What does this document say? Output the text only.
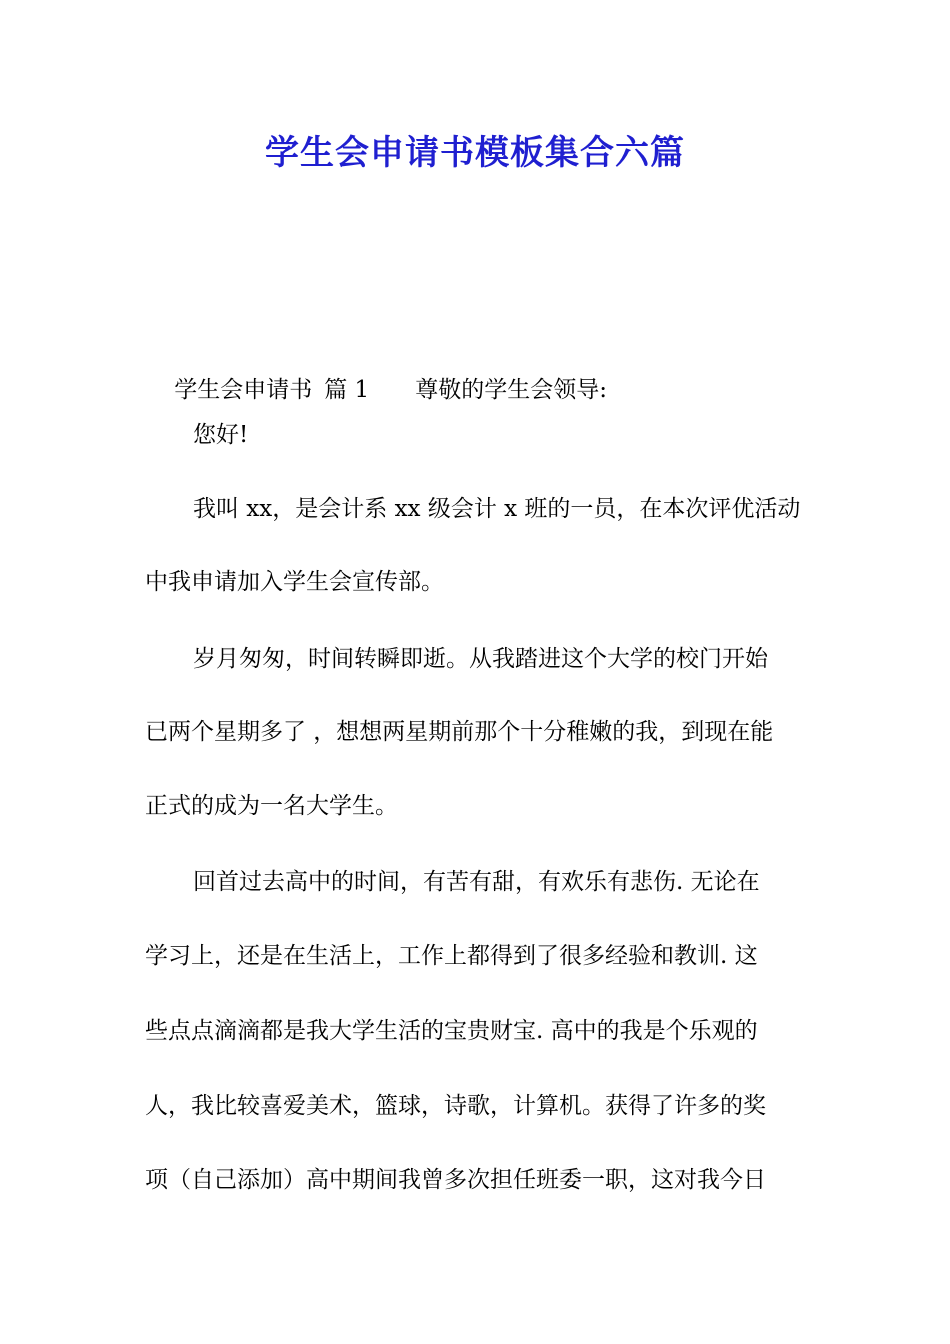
学生会申请书模板集合六篇

学生会申请书 篇 1 尊敬的学生会领导:

您好!
我叫 xx，是会计系 xx 级会计 x 班的一员，在本次评优活动
中我申请加入学生会宣传部。
岁月匆匆，时间转瞬即逝。从我踏进这个大学的校门开始
已两个星期多了 ，想想两星期前那个十分稚嫩的我，到现在能
正式的成为一名大学生。
回首过去高中的时间，有苦有甜，有欢乐有悲伤. 无论在
学习上，还是在生活上，工作上都得到了很多经验和教训. 这
些点点滴滴都是我大学生活的宝贵财宝. 高中的我是个乐观的
人，我比较喜爱美术，篮球，诗歌，计算机。获得了许多的奖
项（自己添加）高中期间我曾多次担任班委一职，这对我今日
